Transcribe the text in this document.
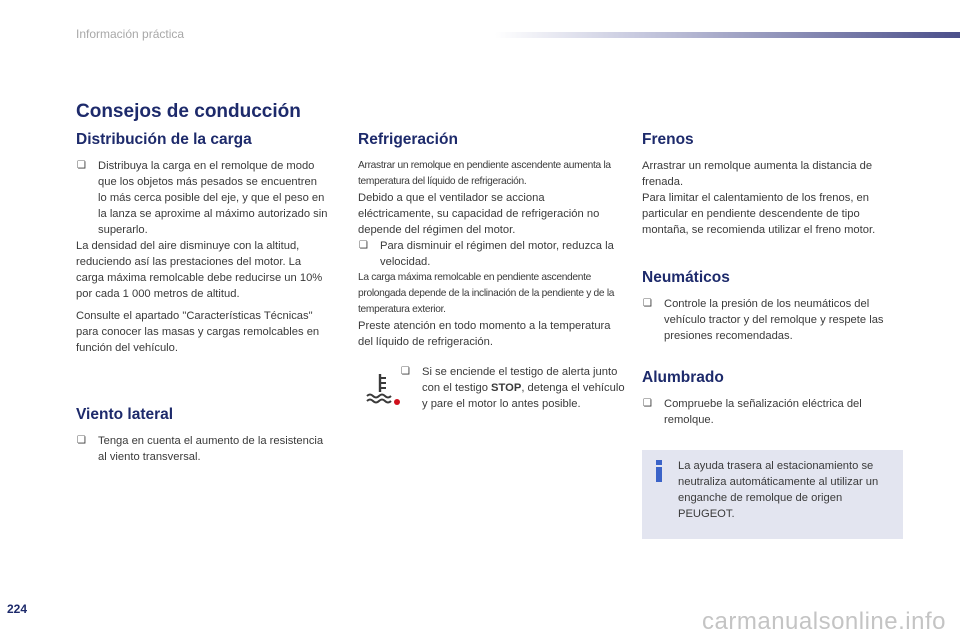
Información práctica
Consejos de conducción
Distribución de la carga

❏ Distribuya la carga en el remolque de modo que los objetos más pesados se encuentren lo más cerca posible del eje, y que el peso en la lanza se aproxime al máximo autorizado sin superarlo.

La densidad del aire disminuye con la altitud, reduciendo así las prestaciones del motor. La carga máxima remolcable debe reducirse un 10% por cada 1 000 metros de altitud.

Consulte el apartado "Características Técnicas" para conocer las masas y cargas remolcables en función del vehículo.

Viento lateral

❏ Tenga en cuenta el aumento de la resistencia al viento transversal.

Refrigeración

Arrastrar un remolque en pendiente ascendente aumenta la temperatura del líquido de refrigeración.

Debido a que el ventilador se acciona eléctricamente, su capacidad de refrigeración no depende del régimen del motor.

❏ Para disminuir el régimen del motor, reduzca la velocidad.

La carga máxima remolcable en pendiente ascendente prolongada depende de la inclinación de la pendiente y de la temperatura exterior.

Preste atención en todo momento a la temperatura del líquido de refrigeración.

❏ Si se enciende el testigo de alerta junto con el testigo STOP, detenga el vehículo y pare el motor lo antes posible.

Frenos

Arrastrar un remolque aumenta la distancia de frenada.

Para limitar el calentamiento de los frenos, en particular en pendiente descendente de tipo montaña, se recomienda utilizar el freno motor.

Neumáticos

❏ Controle la presión de los neumáticos del vehículo tractor y del remolque y respete las presiones recomendadas.

Alumbrado

❏ Compruebe la señalización eléctrica del remolque.

La ayuda trasera al estacionamiento se neutraliza automáticamente al utilizar un enganche de remolque de origen PEUGEOT.

224	carmanualsonline.info
